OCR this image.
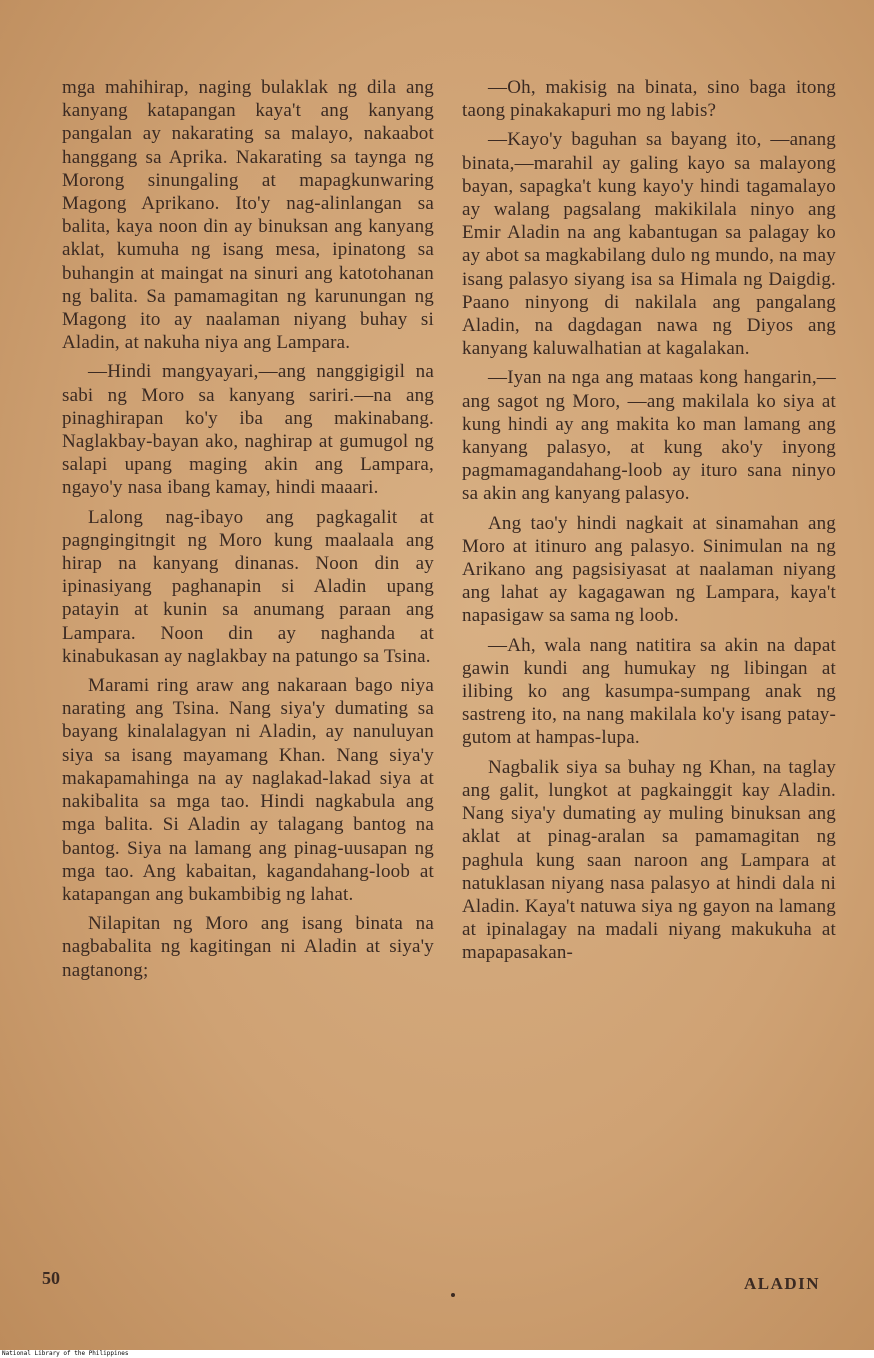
mga mahihirap, naging bulaklak ng dila ang kanyang katapangan kaya't ang kanyang pangalan ay nakarating sa malayo, nakaabot hanggang sa Aprika. Nakarating sa taynga ng Morong sinungaling at mapagkunwaring Magong Aprikano. Ito'y nag-alinlangan sa balita, kaya noon din ay binuksan ang kanyang aklat, kumuha ng isang mesa, ipinatong sa buhangin at maingat na sinuri ang katotohanan ng balita. Sa pamamagitan ng karunungan ng Magong ito ay naalaman niyang buhay si Aladin, at nakuha niya ang Lampara.

—Hindi mangyayari,—ang nanggigigil na sabi ng Moro sa kanyang sariri.—na ang pinaghirapan ko'y iba ang makinabang. Naglakbay-bayan ako, naghirap at gumugol ng salapi upang maging akin ang Lampara, ngayo'y nasa ibang kamay, hindi maaari.

Lalong nag-ibayo ang pagkagalit at pagngingitngit ng Moro kung maalaala ang hirap na kanyang dinanas. Noon din ay ipinasiyang paghanapin si Aladin upang patayin at kunin sa anumang paraan ang Lampara. Noon din ay naghanda at kinabukasan ay naglakbay na patungo sa Tsina.

Marami ring araw ang nakaraan bago niya narating ang Tsina. Nang siya'y dumating sa bayang kinalalagyan ni Aladin, ay nanuluyan siya sa isang mayamang Khan. Nang siya'y makapamahinga na ay naglakad-lakad siya at nakibalita sa mga tao. Hindi nagkabula ang mga balita. Si Aladin ay talagang bantog na bantog. Siya na lamang ang pinag-uusapan ng mga tao. Ang kabaitan, kagandahang-loob at katapangan ang bukambibig ng lahat.

Nilapitan ng Moro ang isang binata na nagbabalita ng kagitingan ni Aladin at siya'y nagtanong;

—Oh, makisig na binata, sino baga itong taong pinakakapuri mo ng labis?

—Kayo'y baguhan sa bayang ito, —anang binata,—marahil ay galing kayo sa malayong bayan, sapagka't kung kayo'y hindi tagamalayo ay walang pagsalang makikilala ninyo ang Emir Aladin na ang kabantugan sa palagay ko ay abot sa magkabilang dulo ng mundo, na may isang palasyo siyang isa sa Himala ng Daigdig. Paano ninyong di nakilala ang pangalang Aladin, na dagdagan nawa ng Diyos ang kanyang kaluwalhatian at kagalakan.

—Iyan na nga ang mataas kong hangarin,—ang sagot ng Moro, —ang makilala ko siya at kung hindi ay ang makita ko man lamang ang kanyang palasyo, at kung ako'y inyong pagmamagandahang-loob ay ituro sana ninyo sa akin ang kanyang palasyo.

Ang tao'y hindi nagkait at sinamahan ang Moro at itinuro ang palasyo. Sinimulan na ng Arikano ang pagsisiyasat at naalaman niyang ang lahat ay kagagawan ng Lampara, kaya't napasigaw sa sama ng loob.

—Ah, wala nang natitira sa akin na dapat gawin kundi ang humukay ng libingan at ilibing ko ang kasumpa-sumpang anak ng sastreng ito, na nang makilala ko'y isang patay-gutom at hampas-lupa.

Nagbalik siya sa buhay ng Khan, na taglay ang galit, lungkot at pagkainggit kay Aladin. Nang siya'y dumating ay muling binuksan ang aklat at pinag-aralan sa pamamagitan ng paghula kung saan naroon ang Lampara at natuklasan niyang nasa palasyo at hindi dala ni Aladin. Kaya't natuwa siya ng gayon na lamang at ipinalagay na madali niyang makukuha at mapapasakan-

50	ALADIN
National Library of the Philippines
